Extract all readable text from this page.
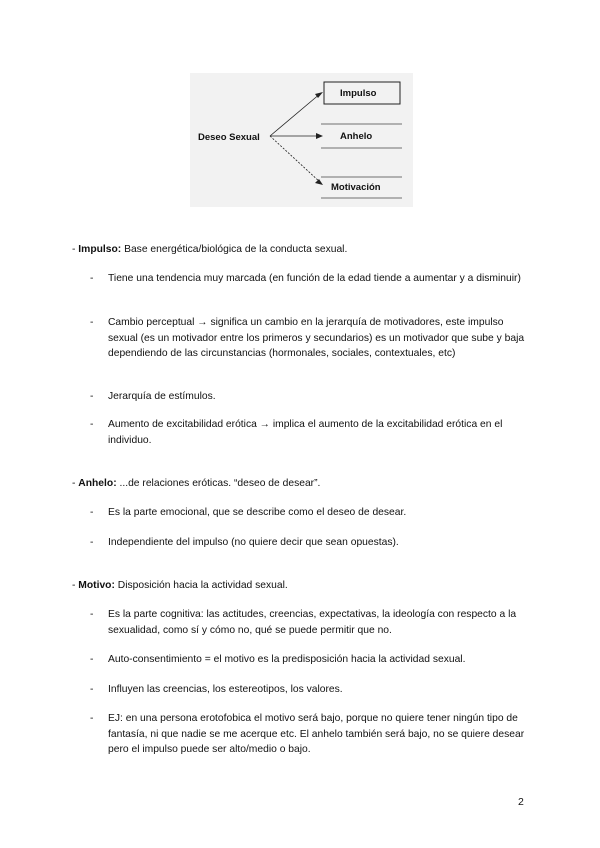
Deseo Sexual
Impulso
Anhelo
Motivación
- Impulso: Base energética/biológica de la conducta sexual.
- Tiene una tendencia muy marcada (en función de la edad tiende a aumentar y a disminuir)
- Cambio perceptual → significa un cambio en la jerarquía de motivadores, este impulso sexual (es un motivador entre los primeros y secundarios) es un motivador que sube y baja dependiendo de las circunstancias (hormonales, sociales, contextuales, etc)
- Jerarquía de estímulos.
- Aumento de excitabilidad erótica → implica el aumento de la excitabilidad erótica en el individuo.
- Anhelo: ...de relaciones eróticas. “deseo de desear”.
- Es la parte emocional, que se describe como el deseo de desear.
- Independiente del impulso (no quiere decir que sean opuestas).
- Motivo: Disposición hacia la actividad sexual.
- Es la parte cognitiva: las actitudes, creencias, expectativas, la ideología con respecto a la sexualidad, como sí y cómo no, qué se puede permitir que no.
- Auto-consentimiento = el motivo es la predisposición hacia la actividad sexual.
- Influyen las creencias, los estereotipos, los valores.
- EJ: en una persona erotofobica el motivo será bajo, porque no quiere tener ningún tipo de fantasía, ni que nadie se me acerque etc. El anhelo también será bajo, no se quiere desear pero el impulso puede ser alto/medio o bajo.
2
